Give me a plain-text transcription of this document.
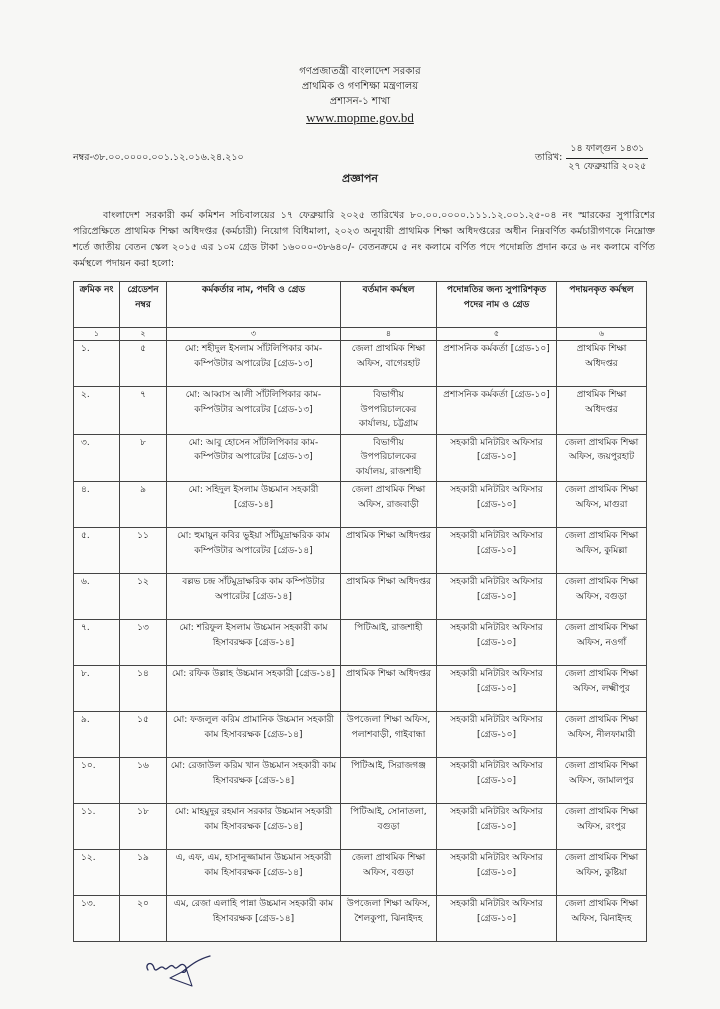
গণপ্রজাতন্ত্রী বাংলাদেশ সরকার
প্রাথমিক ও গণশিক্ষা মন্ত্রণালয়
প্রশাসন-১ শাখা
www.mopme.gov.bd
নম্বর-৩৮.০০.০০০০.০০১.১২.০১৬.২৪.২১০	তারিখ: $\frac{\text{১৪ ফাল্গুন ১৪৩১}}{\text{২৭ ফেব্রুয়ারি ২০২৫}}$
প্রজ্ঞাপন
বাংলাদেশ সরকারী কর্ম কমিশন সচিবালয়ের ১৭ ফেব্রুয়ারি ২০২৫ তারিখের ৮০.০০.০০০০.১১১.১২.০০১.২৫-০৪ নং স্মারকের সুপারিশের পরিপ্রেক্ষিতে প্রাথমিক শিক্ষা অধিদপ্তর (কর্মচারী) নিয়োগ বিধিমালা, ২০২৩ অনুযায়ী প্রাথমিক শিক্ষা অধিদপ্তরের অধীন নিম্নবর্ণিত কর্মচারীগণকে নিম্নোক্ত শর্তে জাতীয় বেতন স্কেল ২০১৫ এর ১০ম গ্রেড টাকা ১৬০০০-৩৮৬৪০/- বেতনক্রমে ৫ নং কলামে বর্ণিত পদে পদোন্নতি প্রদান করে ৬ নং কলামে বর্ণিত কর্মস্থলে পদায়ন করা হলো:
ক্রমিক নং	গ্রেডেশন নম্বর	কর্মকর্তার নাম, পদবি ও গ্রেড	বর্তমান কর্মস্থল	পদোন্নতির জন্য সুপারিশকৃত পদের নাম ও গ্রেড	পদায়নকৃত কর্মস্থল
১	২	৩	৪	৫	৬
১.	৫	মো: শহীদুল ইসলাম সাঁটলিপিকার কাম-কম্পিউটার অপারেটর [গ্রেড-১৩]	জেলা প্রাথমিক শিক্ষা অফিস, বাগেরহাট	প্রশাসনিক কর্মকর্তা [গ্রেড-১০]	প্রাথমিক শিক্ষা অধিদপ্তর
২.	৭	মো: আব্বাস আলী সাঁটলিপিকার কাম-কম্পিউটার অপারেটর [গ্রেড-১৩]	বিভাগীয় উপপরিচালকের কার্যালয়, চট্টগ্রাম	প্রশাসনিক কর্মকর্তা [গ্রেড-১০]	প্রাথমিক শিক্ষা অধিদপ্তর
৩.	৮	মো: আবু হোসেন সাঁটলিপিকার কাম-কম্পিউটার অপারেটর [গ্রেড-১৩]	বিভাগীয় উপপরিচালকের কার্যালয়, রাজশাহী	সহকারী মনিটরিং অফিসার [গ্রেড-১০]	জেলা প্রাথমিক শিক্ষা অফিস, জয়পুরহাট
৪.	৯	মো: সহিদুল ইসলাম উচ্চমান সহকারী [গ্রেড-১৪]	জেলা প্রাথমিক শিক্ষা অফিস, রাজবাড়ী	সহকারী মনিটরিং অফিসার [গ্রেড-১০]	জেলা প্রাথমিক শিক্ষা অফিস, মাগুরা
৫.	১১	মো: হুমায়ুন কবির ভুইয়া সাঁটমুদ্রাক্ষরিক কাম কম্পিউটার অপারেটর [গ্রেড-১৪]	প্রাথমিক শিক্ষা অধিদপ্তর	সহকারী মনিটরিং অফিসার [গ্রেড-১০]	জেলা প্রাথমিক শিক্ষা অফিস, কুমিল্লা
৬.	১২	বল্লভ চন্দ্র সাঁটমুদ্রাক্ষরিক কাম কম্পিউটার অপারেটর [গ্রেড-১৪]	প্রাথমিক শিক্ষা অধিদপ্তর	সহকারী মনিটরিং অফিসার [গ্রেড-১০]	জেলা প্রাথমিক শিক্ষা অফিস, বগুড়া
৭.	১৩	মো: শরিফুল ইসলাম উচ্চমান সহকারী কাম হিসাবরক্ষক [গ্রেড-১৪]	পিটিআই, রাজশাহী	সহকারী মনিটরিং অফিসার [গ্রেড-১০]	জেলা প্রাথমিক শিক্ষা অফিস, নওগাঁ
৮.	১৪	মো: রফিক উল্লাহ উচ্চমান সহকারী [গ্রেড-১৪]	প্রাথমিক শিক্ষা অধিদপ্তর	সহকারী মনিটরিং অফিসার [গ্রেড-১০]	জেলা প্রাথমিক শিক্ষা অফিস, লক্ষ্মীপুর
৯.	১৫	মো: ফজলুল করিম প্রামানিক উচ্চমান সহকারী কাম হিসাবরক্ষক [গ্রেড-১৪]	উপজেলা শিক্ষা অফিস, পলাশবাড়ী, গাইবান্ধা	সহকারী মনিটরিং অফিসার [গ্রেড-১০]	জেলা প্রাথমিক শিক্ষা অফিস, নীলফামারী
১০.	১৬	মো: রেজাউল করিম খান উচ্চমান সহকারী কাম হিসাবরক্ষক [গ্রেড-১৪]	পিটিআই, সিরাজগঞ্জ	সহকারী মনিটরিং অফিসার [গ্রেড-১০]	জেলা প্রাথমিক শিক্ষা অফিস, জামালপুর
১১.	১৮	মো: মাহমুদুর রহমান সরকার উচ্চমান সহকারী কাম হিসাবরক্ষক [গ্রেড-১৪]	পিটিআই, সোনাতলা, বগুড়া	সহকারী মনিটরিং অফিসার [গ্রেড-১০]	জেলা প্রাথমিক শিক্ষা অফিস, রংপুর
১২.	১৯	এ, এফ, এম, হাসানুজ্জামান উচ্চমান সহকারী কাম হিসাবরক্ষক [গ্রেড-১৪]	জেলা প্রাথমিক শিক্ষা অফিস, বগুড়া	সহকারী মনিটরিং অফিসার [গ্রেড-১০]	জেলা প্রাথমিক শিক্ষা অফিস, কুষ্টিয়া
১৩.	২০	এম, রেজা এলাহি পান্না উচ্চমান সহকারী কাম হিসাবরক্ষক [গ্রেড-১৪]	উপজেলা শিক্ষা অফিস, শৈলকুপা, ঝিনাইদহ	সহকারী মনিটরিং অফিসার [গ্রেড-১০]	জেলা প্রাথমিক শিক্ষা অফিস, ঝিনাইদহ
